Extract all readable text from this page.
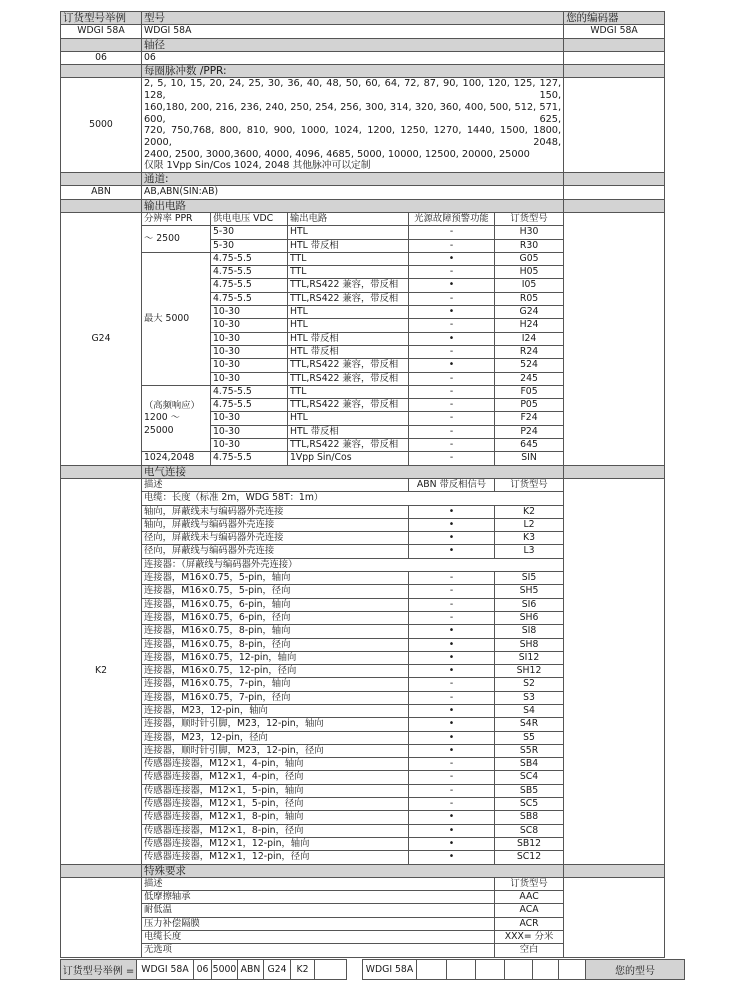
订货型号举例	型号					您的编码器
WDGI 58A	WDGI 58A					WDGI 58A
	轴径					
06	06					
	每圈脉冲数 /PPR:					
5000	2, 5, 10, 15, 20, 24, 25, 30, 36, 40, 48, 50, 60, 64, 72, 87, 90, 100, 120, 125, 127, 128, 150,
160,180, 200, 216, 236, 240, 250, 254, 256, 300, 314, 320, 360, 400, 500, 512, 571, 600, 625,
720, 750,768, 800, 810, 900, 1000, 1024, 1200, 1250, 1270, 1440, 1500, 1800, 2000, 2048,
2400, 2500, 3000,3600, 4000, 4096, 4685, 5000, 10000, 12500, 20000, 25000
仅限 1Vpp Sin/Cos 1024, 2048 其他脉冲可以定制					

	通道:					
ABN	AB,ABN(SIN:AB)					
	输出电路					
G24	分辨率 PPR	供电电压 VDC	输出电路	光源故障预警功能	订货型号	
	～ 2500	5-30	HTL	-	H30	
		5-30	HTL 带反相	-	R30	
	最大 5000	4.75-5.5	TTL	•	G05	
		4.75-5.5	TTL	-	H05	
		4.75-5.5	TTL,RS422 兼容，带反相	•	I05	
		4.75-5.5	TTL,RS422 兼容，带反相	-	R05	
		10-30	HTL	•	G24	
		10-30	HTL	-	H24	
		10-30	HTL 带反相	•	I24	
		10-30	HTL 带反相	-	R24	
		10-30	TTL,RS422 兼容，带反相	•	524	
		10-30	TTL,RS422 兼容，带反相	-	245	
	（高频响应）
1200 ～
25000	4.75-5.5	TTL	-	F05	
		4.75-5.5	TTL,RS422 兼容，带反相	-	P05	
		10-30	HTL	-	F24	
		10-30	HTL 带反相	-	P24	
		10-30	TTL,RS422 兼容，带反相	-	645	
	1024,2048	4.75-5.5	1Vpp Sin/Cos	-	SIN	
	电气连接					
K2	描述			ABN 带反相信号	订货型号	
	电缆：长度（标准 2m，WDG 58T：1m）					
	轴向，屏蔽线未与编码器外壳连接			•	K2	
	轴向，屏蔽线与编码器外壳连接			•	L2	
	径向，屏蔽线未与编码器外壳连接			•	K3	
	径向，屏蔽线与编码器外壳连接			•	L3	
	连接器：（屏蔽线与编码器外壳连接）					
	连接器，M16×0.75，5-pin，轴向			-	SI5	
	连接器，M16×0.75，5-pin，径向			-	SH5	
	连接器，M16×0.75，6-pin，轴向			-	SI6	
	连接器，M16×0.75，6-pin，径向			-	SH6	
	连接器，M16×0.75，8-pin，轴向			•	SI8	
	连接器，M16×0.75，8-pin，径向			•	SH8	
	连接器，M16×0.75，12-pin，轴向			•	SI12	
	连接器，M16×0.75，12-pin，径向			•	SH12	
	连接器，M16×0.75，7-pin，轴向			-	S2	
	连接器，M16×0.75，7-pin，径向			-	S3	
	连接器，M23，12-pin，轴向			•	S4	
	连接器，顺时针引脚，M23，12-pin，轴向			•	S4R	
	连接器，M23，12-pin，径向			•	S5	
	连接器，顺时针引脚，M23，12-pin，径向			•	S5R	
	传感器连接器，M12×1，4-pin，轴向			-	SB4	
	传感器连接器，M12×1，4-pin，径向			-	SC4	
	传感器连接器，M12×1，5-pin，轴向			-	SB5	
	传感器连接器，M12×1，5-pin，径向			-	SC5	
	传感器连接器，M12×1，8-pin，轴向			•	SB8	
	传感器连接器，M12×1，8-pin，径向			•	SC8	
	传感器连接器，M12×1，12-pin，轴向			•	SB12	
	传感器连接器，M12×1，12-pin，径向			•	SC12	
	特殊要求					
	描述				订货型号	
	低摩擦轴承				AAC	
	耐低温				ACA	
	压力补偿隔膜				ACR	
	电缆长度				XXX= 分米	
	无选项				空白	
订货型号举例 =	WDGI 58A	06	5000	ABN	G24	K2			WDGI 58A							您的型号
